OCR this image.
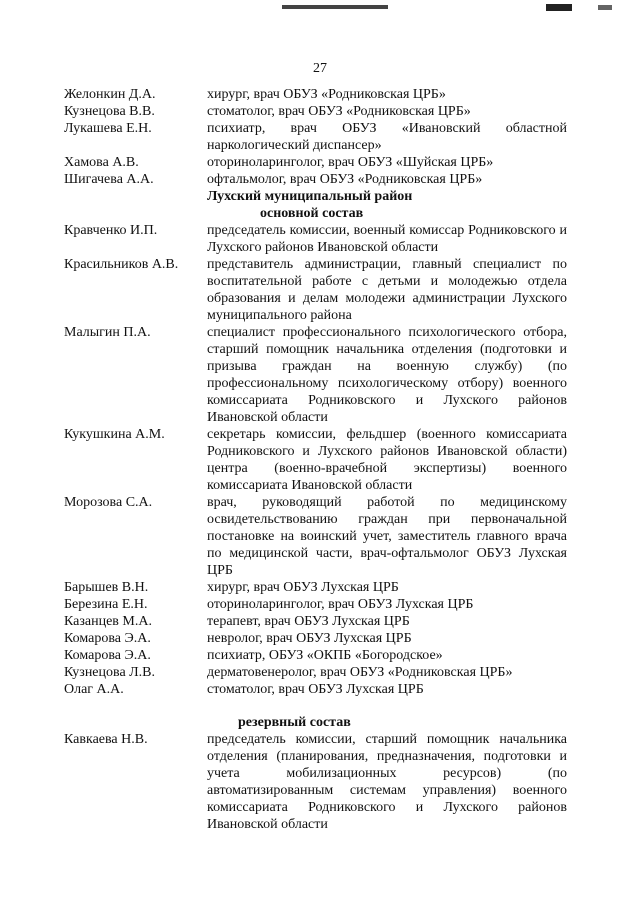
27
Желонкин Д.А.	хирург, врач ОБУЗ «Родниковская ЦРБ»
Кузнецова В.В.	стоматолог, врач ОБУЗ «Родниковская ЦРБ»
Лукашева Е.Н.	психиатр, врач ОБУЗ «Ивановский областной наркологический диспансер»
Хамова А.В.	оториноларинголог, врач ОБУЗ «Шуйская ЦРБ»
Шигачева А.А.	офтальмолог, врач ОБУЗ «Родниковская ЦРБ»
Лухский муниципальный район
основной состав
Кравченко И.П.	председатель комиссии, военный комиссар Родниковского и Лухского районов Ивановской области
Красильников А.В.	представитель администрации, главный специалист по воспитательной работе с детьми и молодежью отдела образования и делам молодежи администрации Лухского муниципального района
Малыгин П.А.	специалист профессионального психологического отбора, старший помощник начальника отделения (подготовки и призыва граждан на военную службу) (по профессиональному психологическому отбору) военного комиссариата Родниковского и Лухского районов Ивановской области
Кукушкина А.М.	секретарь комиссии, фельдшер (военного комиссариата Родниковского и Лухского районов Ивановской области) центра (военно-врачебной экспертизы) военного комиссариата Ивановской области
Морозова С.А.	врач, руководящий работой по медицинскому освидетельствованию граждан при первоначальной постановке на воинский учет, заместитель главного врача по медицинской части, врач-офтальмолог ОБУЗ Лухская ЦРБ
Барышев В.Н.	хирург, врач ОБУЗ Лухская ЦРБ
Березина Е.Н.	оториноларинголог, врач ОБУЗ Лухская ЦРБ
Казанцев М.А.	терапевт, врач ОБУЗ Лухская ЦРБ
Комарова Э.А.	невролог, врач ОБУЗ Лухская ЦРБ
Комарова Э.А.	психиатр, ОБУЗ «ОКПБ «Богородское»
Кузнецова Л.В.	дерматовенеролог, врач ОБУЗ «Родниковская ЦРБ»
Олаг А.А.	стоматолог, врач ОБУЗ Лухская ЦРБ
резервный состав
Кавкаева Н.В.	председатель комиссии, старший помощник начальника отделения (планирования, предназначения, подготовки и учета мобилизационных ресурсов) (по автоматизированным системам управления) военного комиссариата Родниковского и Лухского районов Ивановской области
